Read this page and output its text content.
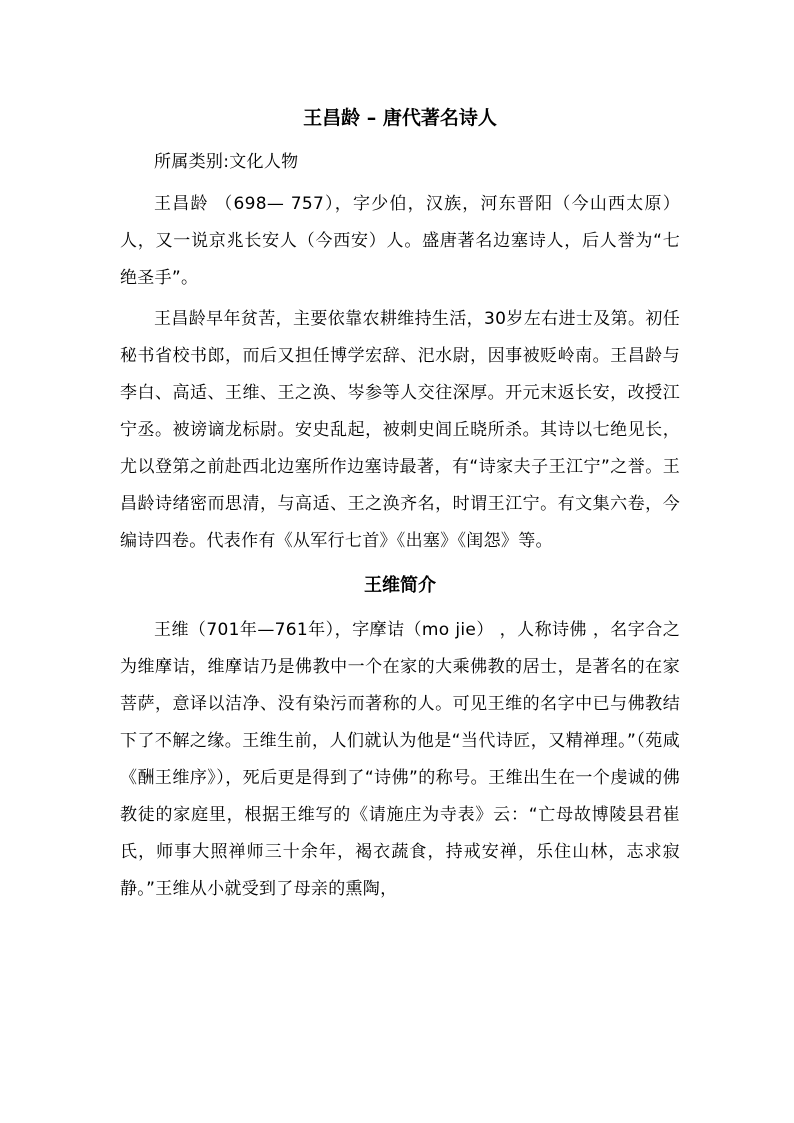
王昌龄 – 唐代著名诗人

所属类别:文化人物

王昌龄 （698— 757），字少伯，汉族，河东晋阳（今山西太原）人，又一说京兆长安人（今西安）人。盛唐著名边塞诗人，后人誉为“七绝圣手”。

王昌龄早年贫苦，主要依靠农耕维持生活，30岁左右进士及第。初任秘书省校书郎，而后又担任博学宏辞、汜水尉，因事被贬岭南。王昌龄与李白、高适、王维、王之涣、岑参等人交往深厚。开元末返长安，改授江宁丞。被谤谪龙标尉。安史乱起，被刺史闾丘晓所杀。其诗以七绝见长，尤以登第之前赴西北边塞所作边塞诗最著，有“诗家夫子王江宁”之誉。王昌龄诗绪密而思清，与高适、王之涣齐名，时谓王江宁。有文集六卷，今编诗四卷。代表作有《从军行七首》《出塞》《闺怨》等。

王维简介

王维（701年—761年），字摩诘（mo jie） ，人称诗佛 ，名字合之为维摩诘，维摩诘乃是佛教中一个在家的大乘佛教的居士，是著名的在家菩萨，意译以洁净、没有染污而著称的人。可见王维的名字中已与佛教结下了不解之缘。王维生前，人们就认为他是“当代诗匠，又精禅理。”（苑咸《酬王维序》），死后更是得到了“诗佛”的称号。王维出生在一个虔诚的佛教徒的家庭里，根据王维写的《请施庄为寺表》云：“亡母故博陵县君崔氏，师事大照禅师三十余年，褐衣蔬食，持戒安禅，乐住山林，志求寂静。”王维从小就受到了母亲的熏陶，
